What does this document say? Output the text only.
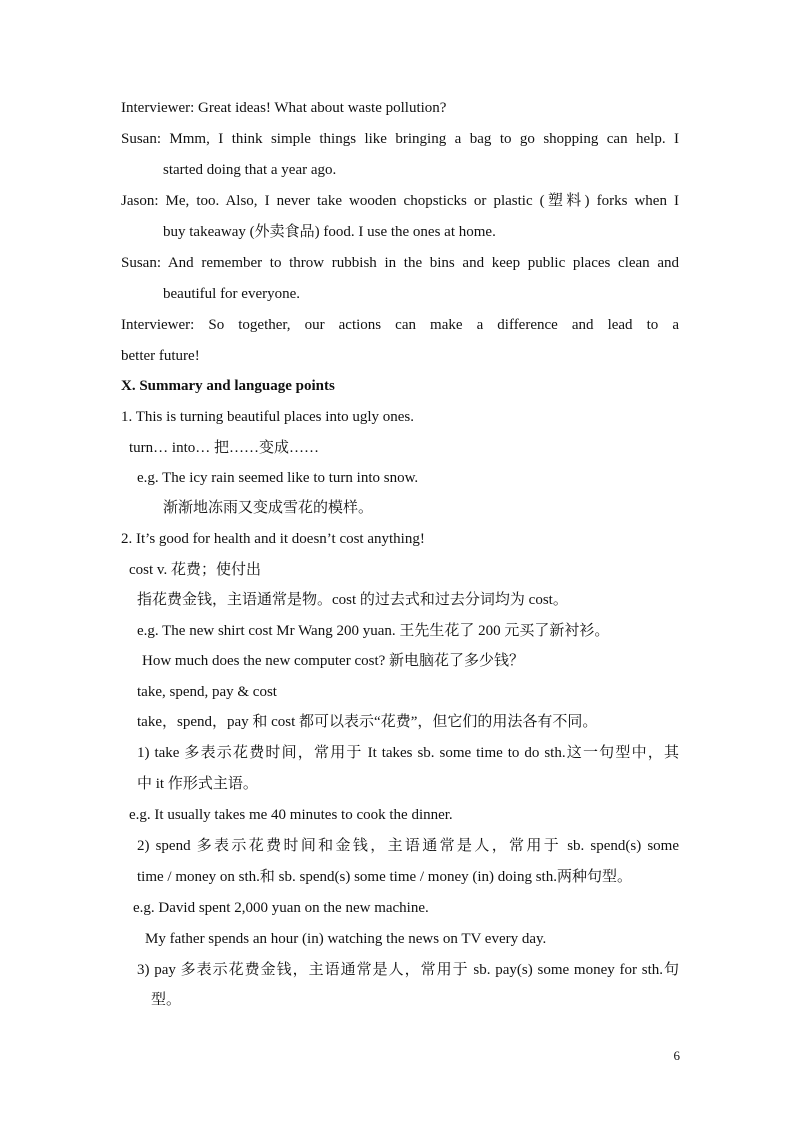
Interviewer: Great ideas! What about waste pollution?
Susan: Mmm, I think simple things like bringing a bag to go shopping can help. I
started doing that a year ago.
Jason: Me, too. Also, I never take wooden chopsticks or plastic (塑料) forks when I
buy takeaway (外卖食品) food. I use the ones at home.
Susan: And remember to throw rubbish in the bins and keep public places clean and
beautiful for everyone.
Interviewer: So together, our actions can make a difference and lead to a
better future!
X. Summary and language points
1. This is turning beautiful places into ugly ones.
turn… into… 把……变成……
e.g. The icy rain seemed like to turn into snow.
渐渐地冻雨又变成雪花的模样。
2. It’s good for health and it doesn’t cost anything!
cost v. 花费；使付出
指花费金钱，主语通常是物。cost 的过去式和过去分词均为 cost。
e.g. The new shirt cost Mr Wang 200 yuan. 王先生花了 200 元买了新衬衫。
How much does the new computer cost? 新电脑花了多少钱？
take, spend, pay & cost
take，spend，pay 和 cost 都可以表示“花费”，但它们的用法各有不同。
1) take 多表示花费时间，常用于 It takes sb. some time to do sth.这一句型中，其
中 it 作形式主语。
e.g. It usually takes me 40 minutes to cook the dinner.
2) spend 多表示花费时间和金钱，主语通常是人，常用于 sb. spend(s) some
time / money on sth.和 sb. spend(s) some time / money (in) doing sth.两种句型。
e.g. David spent 2,000 yuan on the new machine.
My father spends an hour (in) watching the news on TV every day.
3) pay 多表示花费金钱，主语通常是人，常用于 sb. pay(s) some money for sth.句
型。
6
